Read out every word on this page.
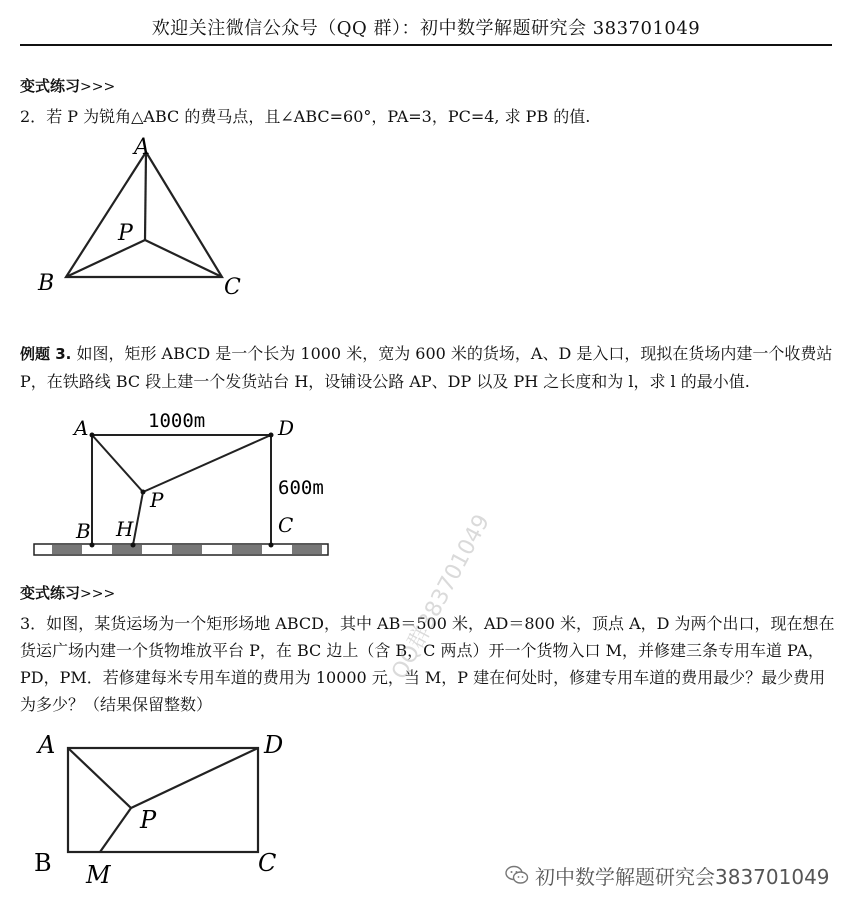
欢迎关注微信公众号（QQ 群）：初中数学解题研究会 383701049
变式练习>>>
2．若 P 为锐角△ABC 的费马点，且∠ABC=60°，PA=3，PC=4, 求 PB 的值.
A
B	C
P
例题 3. 如图，矩形 ABCD 是一个长为 1000 米，宽为 600 米的货场，A、D 是入口，现拟在货场内建一个收费站 P，在铁路线 BC 段上建一个发货站台 H，设铺设公路 AP、DP 以及 PH 之长度和为 l，求 l 的最小值.
A	D
P
B H	C
1000m
600m
变式练习>>>
3．如图，某货运场为一个矩形场地 ABCD，其中 AB＝500 米，AD＝800 米，顶点 A，D 为两个出口，现在想在货运广场内建一个货物堆放平台 P，在 BC 边上（含 B，C 两点）开一个货物入口 M，并修建三条专用车道 PA，PD，PM．若修建每米专用车道的费用为 10000 元，当 M，P 建在何处时，修建专用车道的费用最少？最少费用为多少？（结果保留整数）
A	D
P
B M	C
QQ群383701049
初中数学解题研究会383701049
